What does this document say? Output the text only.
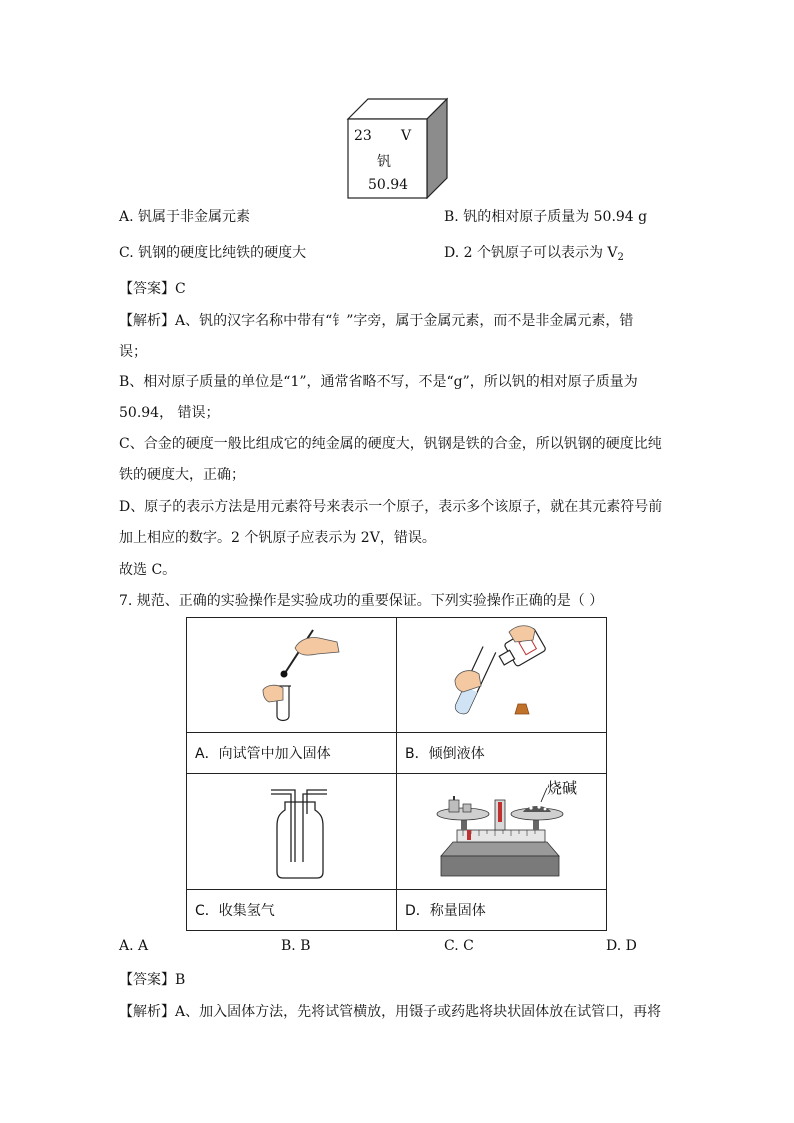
23 V
钒
50.94
A. 钒属于非金属元素	B. 钒的相对原子质量为 50.94 g
C. 钒钢的硬度比纯铁的硬度大	D. 2 个钒原子可以表示为 $V_2$
【答案】C
【解析】A、钒的汉字名称中带有“钅”字旁，属于金属元素，而不是非金属元素，错
误；
B、相对原子质量的单位是“1”，通常省略不写，不是“g”，所以钒的相对原子质量为
50.94， 错误；
C、合金的硬度一般比组成它的纯金属的硬度大，钒钢是铁的合金，所以钒钢的硬度比纯
铁的硬度大，正确；
D、原子的表示方法是用元素符号来表示一个原子，表示多个该原子，就在其元素符号前
加上相应的数字。2 个钒原子应表示为 2V，错误。
故选 C。
7. 规范、正确的实验操作是实验成功的重要保证。下列实验操作正确的是（ ）

A．向试管中加入固体	B．倾倒液体

烧碱

C．收集氢气	D．称量固体
A. A	B. B	C. C	D. D
【答案】B
【解析】A、加入固体方法，先将试管横放，用镊子或药匙将块状固体放在试管口，再将
